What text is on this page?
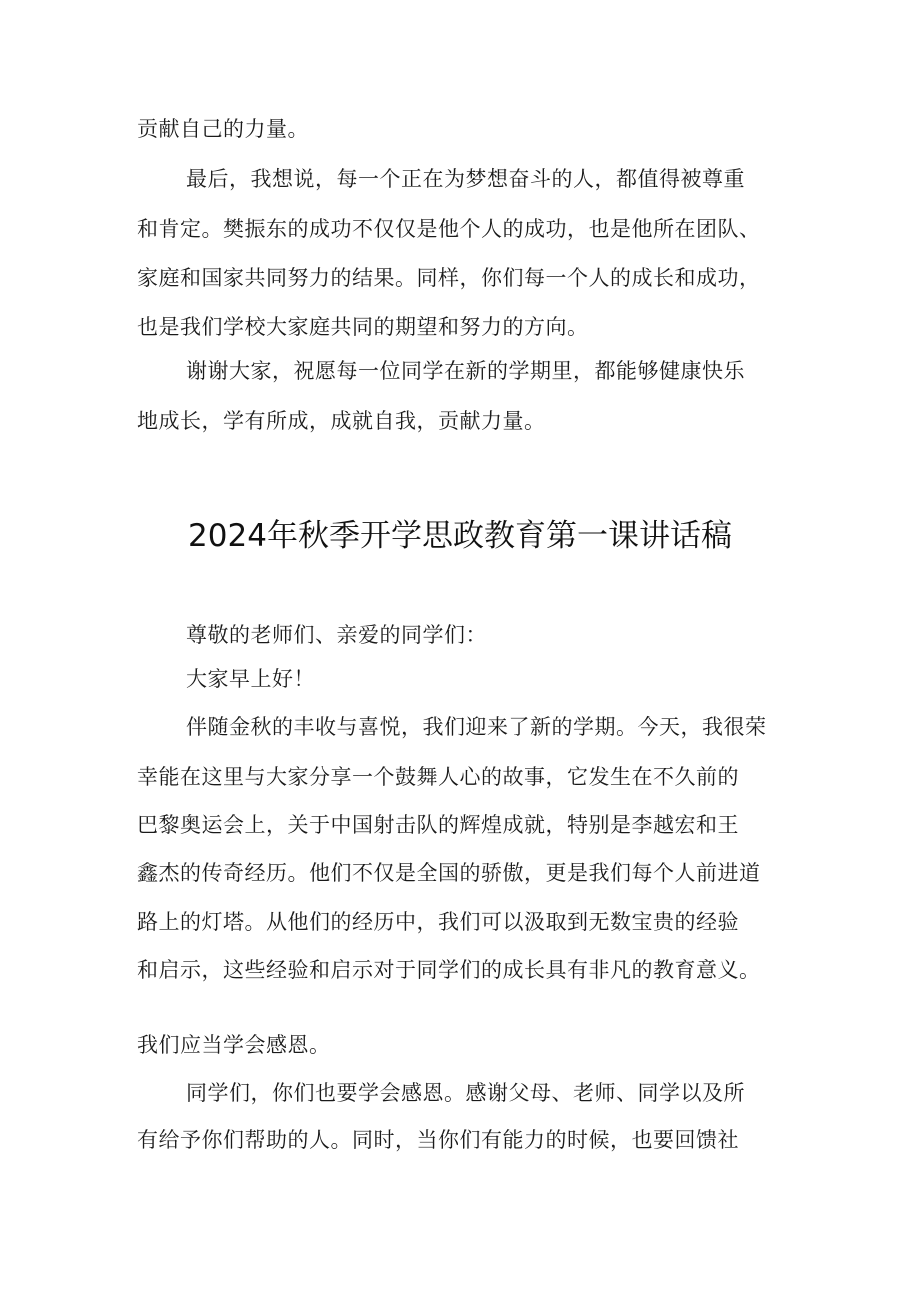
贡献自己的力量。
最后，我想说，每一个正在为梦想奋斗的人，都值得被尊重
和肯定。樊振东的成功不仅仅是他个人的成功，也是他所在团队、
家庭和国家共同努力的结果。同样，你们每一个人的成长和成功，
也是我们学校大家庭共同的期望和努力的方向。
谢谢大家，祝愿每一位同学在新的学期里，都能够健康快乐
地成长，学有所成，成就自我，贡献力量。
2024年秋季开学思政教育第一课讲话稿
尊敬的老师们、亲爱的同学们：
大家早上好！
伴随金秋的丰收与喜悦，我们迎来了新的学期。今天，我很荣
幸能在这里与大家分享一个鼓舞人心的故事，它发生在不久前的
巴黎奥运会上，关于中国射击队的辉煌成就，特别是李越宏和王
鑫杰的传奇经历。他们不仅是全国的骄傲，更是我们每个人前进道
路上的灯塔。从他们的经历中，我们可以汲取到无数宝贵的经验
和启示，这些经验和启示对于同学们的成长具有非凡的教育意义。
我们应当学会感恩。
同学们，你们也要学会感恩。感谢父母、老师、同学以及所
有给予你们帮助的人。同时，当你们有能力的时候，也要回馈社
